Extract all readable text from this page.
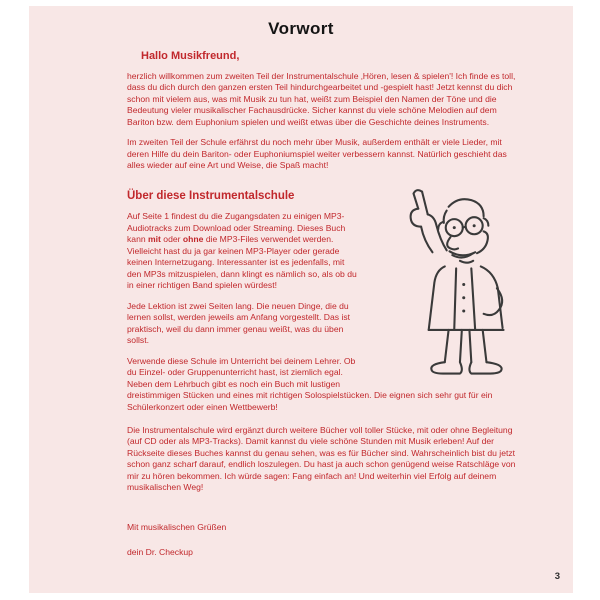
Vorwort
Hallo Musikfreund,

herzlich willkommen zum zweiten Teil der Instrumentalschule ‚Hören, lesen & spielen'! Ich finde es toll, dass du dich durch den ganzen ersten Teil hindurchgearbeitet und -gespielt hast! Jetzt kennst du dich schon mit vielem aus, was mit Musik zu tun hat, weißt zum Beispiel den Namen der Töne und die Bedeutung vieler musikalischer Fachausdrücke. Sicher kannst du viele schöne Melodien auf dem Bariton bzw. dem Euphonium spielen und weißt etwas über die Geschichte deines Instruments.

Im zweiten Teil der Schule erfährst du noch mehr über Musik, außerdem enthält er viele Lieder, mit deren Hilfe du dein Bariton- oder Euphoniumspiel weiter verbessern kannst. Natürlich geschieht das alles wieder auf eine Art und Weise, die Spaß macht!

Über diese Instrumentalschule

Auf Seite 1 findest du die Zugangsdaten zu einigen MP3-Audiotracks zum Download oder Streaming. Dieses Buch kann mit oder ohne die MP3-Files verwendet werden. Vielleicht hast du ja gar keinen MP3-Player oder gerade keinen Internetzugang. Interessanter ist es jedenfalls, mit den MP3s mitzuspielen, dann klingt es nämlich so, als ob du in einer richtigen Band spielen würdest!

Jede Lektion ist zwei Seiten lang. Die neuen Dinge, die du lernen sollst, werden jeweils am Anfang vorgestellt. Das ist praktisch, weil du dann immer genau weißt, was du üben sollst.

Verwende diese Schule im Unterricht bei deinem Lehrer. Ob du Einzel- oder Gruppenunterricht hast, ist ziemlich egal. Neben dem Lehrbuch gibt es noch ein Buch mit lustigen dreistimmigen Stücken und eines mit richtigen Solospielstücken. Die eignen sich sehr gut für ein Schülerkonzert oder einen Wettbewerb!

Die Instrumentalschule wird ergänzt durch weitere Bücher voll toller Stücke, mit oder ohne Begleitung (auf CD oder als MP3-Tracks). Damit kannst du viele schöne Stunden mit Musik erleben! Auf der Rückseite dieses Buches kannst du genau sehen, was es für Bücher sind. Wahrscheinlich bist du jetzt schon ganz scharf darauf, endlich loszulegen. Du hast ja auch schon genügend weise Ratschläge von mir zu hören bekommen. Ich würde sagen: Fang einfach an! Und weiterhin viel Erfolg auf deinem musikalischen Weg!

Mit musikalischen Grüßen

dein Dr. Checkup

3
